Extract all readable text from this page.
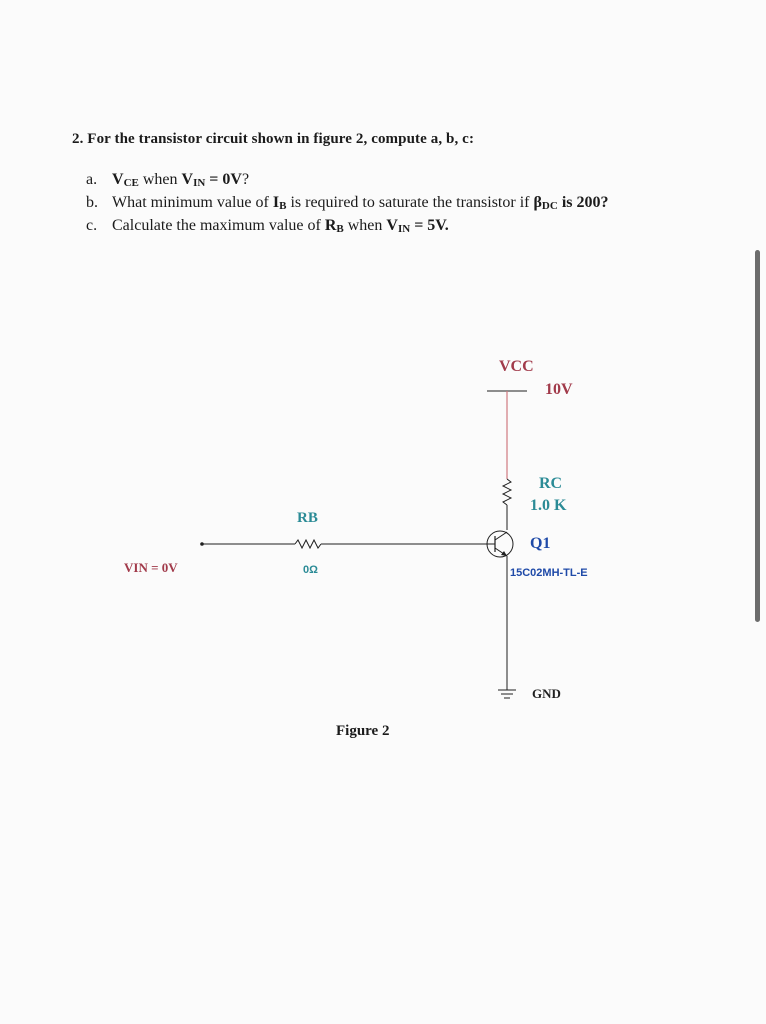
2. For the transistor circuit shown in figure 2, compute a, b, c:
a. $V_{CE}$ when $V_{IN} = 0V$?
b. What minimum value of $I_B$ is required to saturate the transistor if $\beta_{DC}$ is 200?
c. Calculate the maximum value of $R_B$ when $V_{IN} = 5V$.
VCC
10V
RC
1.0 K
RB
0Ω
Q1
15C02MH-TL-E
VIN = 0V
GND
Figure 2
